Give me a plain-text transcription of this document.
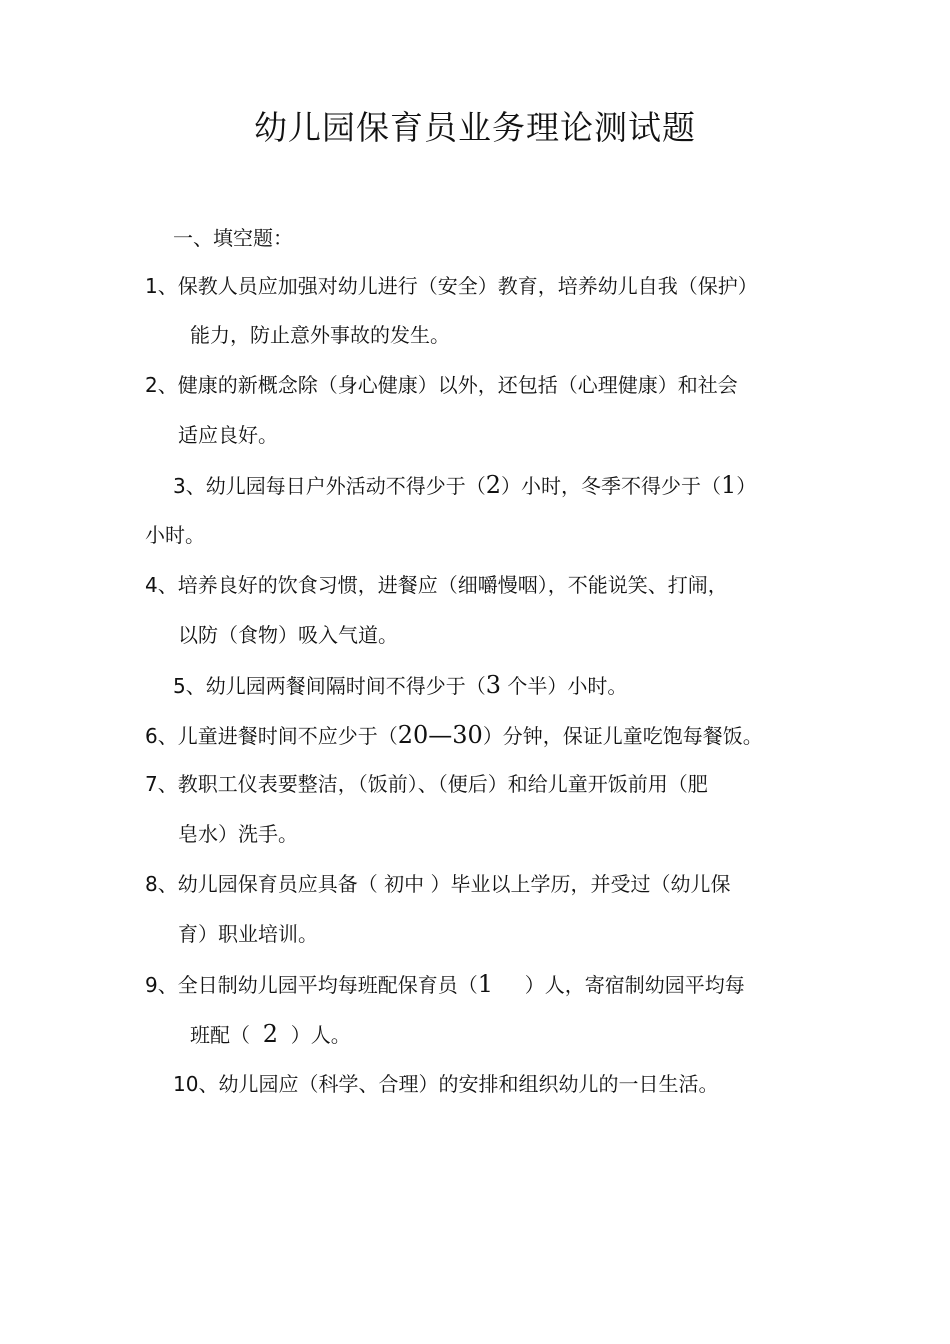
幼儿园保育员业务理论测试题
一、填空题：
1、保教人员应加强对幼儿进行（安全）教育，培养幼儿自我（保护）
能力，防止意外事故的发生。
2、健康的新概念除（身心健康）以外，还包括（心理健康）和社会
适应良好。
3、幼儿园每日户外活动不得少于（2）小时，冬季不得少于（1）
小时。
4、培养良好的饮食习惯，进餐应（细嚼慢咽），不能说笑、打闹，
以防（食物）吸入气道。
5、幼儿园两餐间隔时间不得少于（3 个半）小时。
6、儿童进餐时间不应少于（20—30）分钟，保证儿童吃饱每餐饭。
7、教职工仪表要整洁，（饭前）、（便后）和给儿童开饭前用（肥
皂水）洗手。
8、幼儿园保育员应具备（ 初中 ）毕业以上学历，并受过（幼儿保
育）职业培训。
9、全日制幼儿园平均每班配保育员（1     ）人，寄宿制幼园平均每
班配（  2  ）人。
10、幼儿园应（科学、合理）的安排和组织幼儿的一日生活。
